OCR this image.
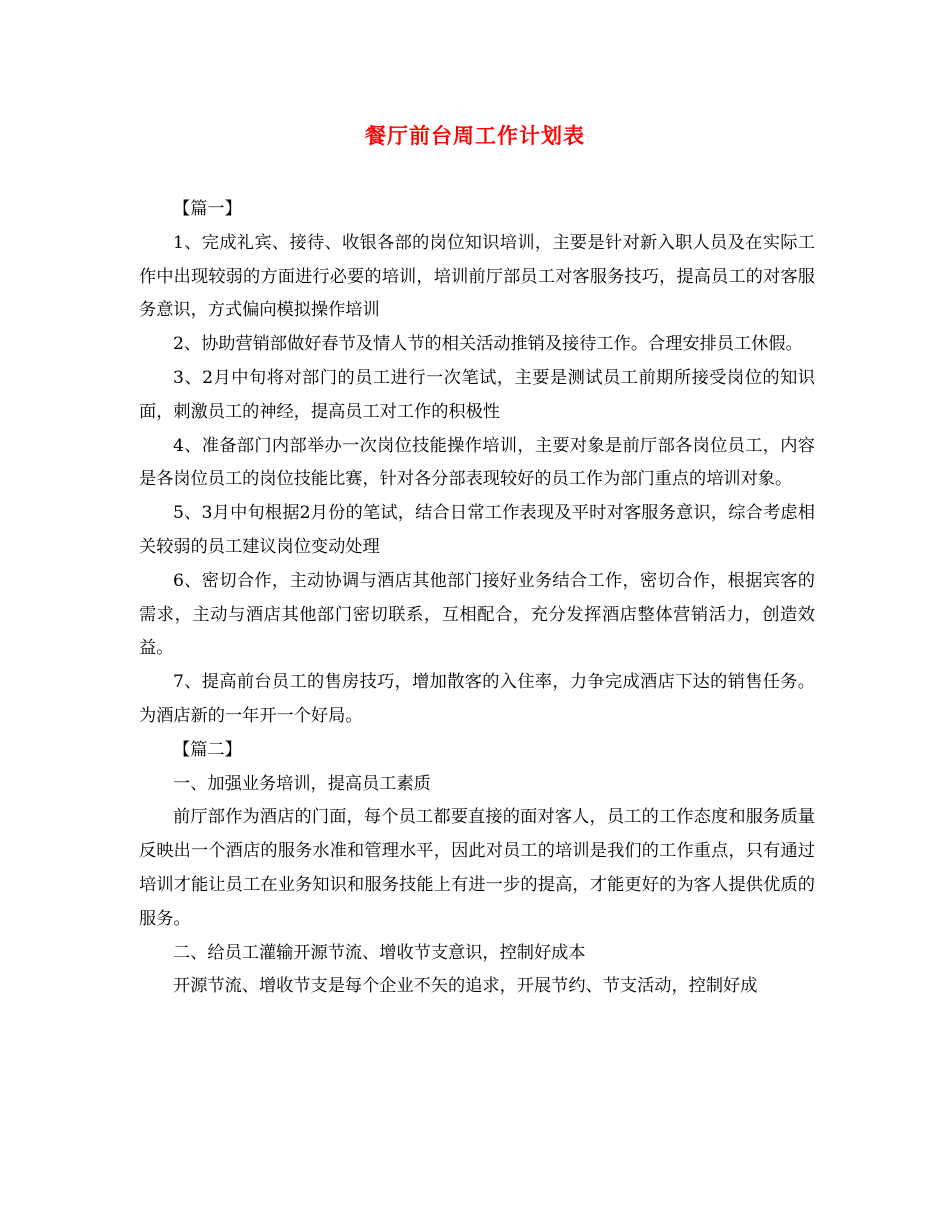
餐厅前台周工作计划表

【篇一】

1、完成礼宾、接待、收银各部的岗位知识培训，主要是针对新入职人员及在实际工作中出现较弱的方面进行必要的培训，培训前厅部员工对客服务技巧，提高员工的对客服务意识，方式偏向模拟操作培训

2、协助营销部做好春节及情人节的相关活动推销及接待工作。合理安排员工休假。

3、2月中旬将对部门的员工进行一次笔试，主要是测试员工前期所接受岗位的知识面，刺激员工的神经，提高员工对工作的积极性

4、准备部门内部举办一次岗位技能操作培训，主要对象是前厅部各岗位员工，内容是各岗位员工的岗位技能比赛，针对各分部表现较好的员工作为部门重点的培训对象。

5、3月中旬根据2月份的笔试，结合日常工作表现及平时对客服务意识，综合考虑相关较弱的员工建议岗位变动处理

6、密切合作，主动协调与酒店其他部门接好业务结合工作，密切合作，根据宾客的需求，主动与酒店其他部门密切联系，互相配合，充分发挥酒店整体营销活力，创造效益。

7、提高前台员工的售房技巧，增加散客的入住率，力争完成酒店下达的销售任务。为酒店新的一年开一个好局。

【篇二】

一、加强业务培训，提高员工素质

前厅部作为酒店的门面，每个员工都要直接的面对客人，员工的工作态度和服务质量反映出一个酒店的服务水准和管理水平，因此对员工的培训是我们的工作重点，只有通过培训才能让员工在业务知识和服务技能上有进一步的提高，才能更好的为客人提供优质的服务。

二、给员工灌输开源节流、增收节支意识，控制好成本

开源节流、增收节支是每个企业不矢的追求，开展节约、节支活动，控制好成
